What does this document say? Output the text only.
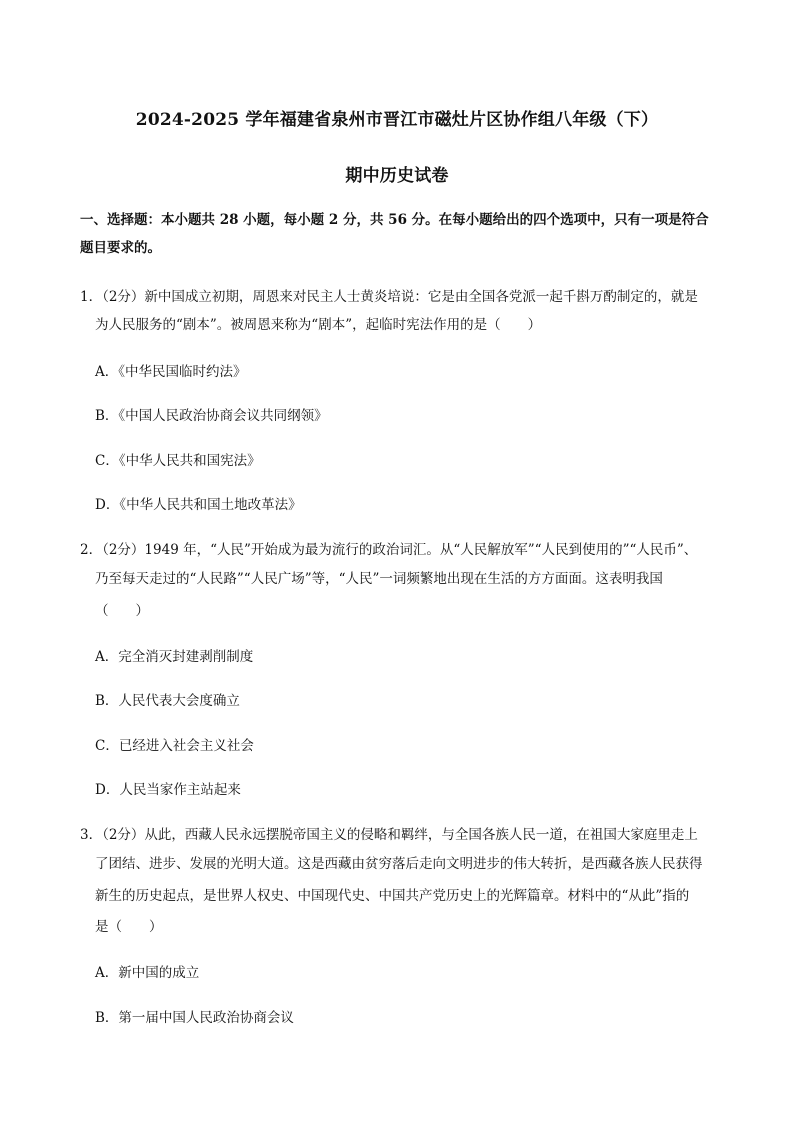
2024-2025 学年福建省泉州市晋江市磁灶片区协作组八年级（下）
期中历史试卷
一、选择题：本小题共 28 小题，每小题 2 分，共 56 分。在每小题给出的四个选项中，只有一项是符合题目要求的。
1．（2分）新中国成立初期，周恩来对民主人士黄炎培说：它是由全国各党派一起千斟万酌制定的，就是
为人民服务的“剧本”。被周恩来称为“剧本”，起临时宪法作用的是（　　）
A．《中华民国临时约法》
B．《中国人民政治协商会议共同纲领》
C．《中华人民共和国宪法》
D．《中华人民共和国土地改革法》
2．（2分）1949 年，“人民”开始成为最为流行的政治词汇。从“人民解放军”“人民到使用的”“人民币”、
乃至每天走过的“人民路”“人民广场”等，“人民”一词频繁地出现在生活的方方面面。这表明我国
（　　）
A．完全消灭封建剥削制度
B．人民代表大会度确立
C．已经进入社会主义社会
D．人民当家作主站起来
3．（2分）从此，西藏人民永远摆脱帝国主义的侵略和羁绊，与全国各族人民一道，在祖国大家庭里走上
了团结、进步、发展的光明大道。这是西藏由贫穷落后走向文明进步的伟大转折，是西藏各族人民获得
新生的历史起点，是世界人权史、中国现代史、中国共产党历史上的光辉篇章。材料中的“从此”指的
是（　　）
A．新中国的成立
B．第一届中国人民政治协商会议
